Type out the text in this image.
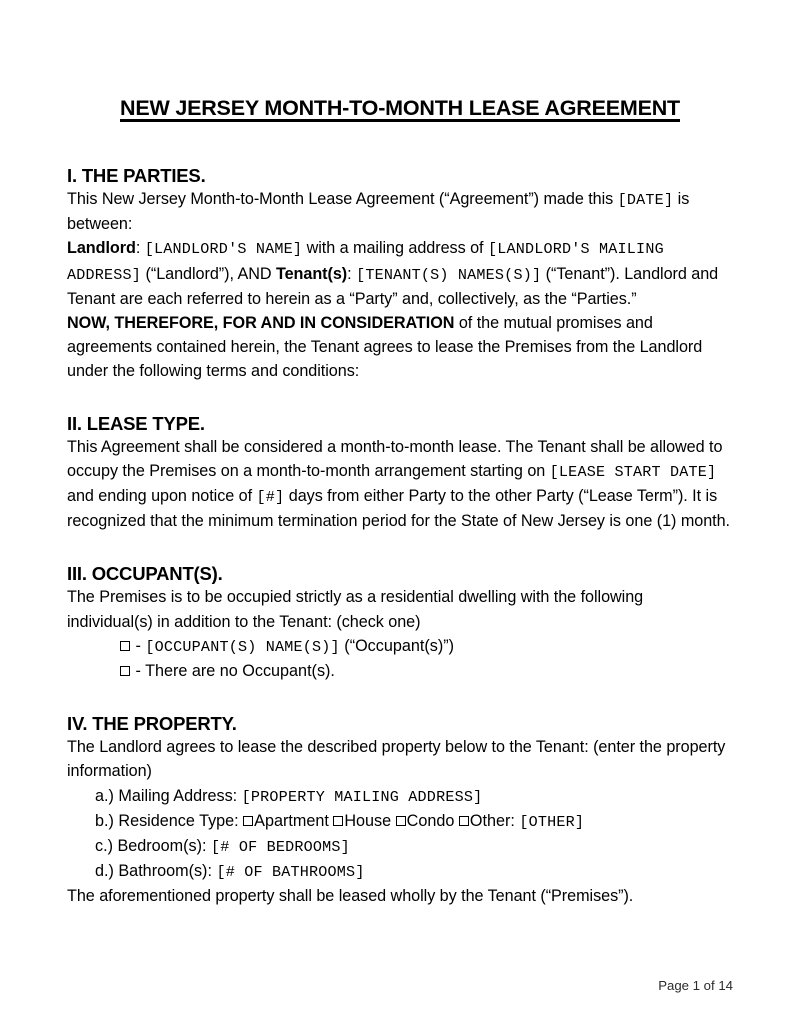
NEW JERSEY MONTH-TO-MONTH LEASE AGREEMENT
I. THE PARTIES.

This New Jersey Month-to-Month Lease Agreement (“Agreement”) made this [DATE] is between:

Landlord: [LANDLORD'S NAME] with a mailing address of [LANDLORD'S MAILING ADDRESS] (“Landlord”), AND Tenant(s): [TENANT(S) NAMES(S)] (“Tenant”). Landlord and Tenant are each referred to herein as a “Party” and, collectively, as the “Parties.”

NOW, THEREFORE, FOR AND IN CONSIDERATION of the mutual promises and agreements contained herein, the Tenant agrees to lease the Premises from the Landlord under the following terms and conditions:

II. LEASE TYPE.

This Agreement shall be considered a month-to-month lease. The Tenant shall be allowed to occupy the Premises on a month-to-month arrangement starting on [LEASE START DATE] and ending upon notice of [#] days from either Party to the other Party (“Lease Term”). It is recognized that the minimum termination period for the State of New Jersey is one (1) month.

III. OCCUPANT(S).

The Premises is to be occupied strictly as a residential dwelling with the following individual(s) in addition to the Tenant: (check one)

- [OCCUPANT(S) NAME(S)] (“Occupant(s)”)
- There are no Occupant(s).
IV. THE PROPERTY.

The Landlord agrees to lease the described property below to the Tenant: (enter the property information)

a.) Mailing Address: [PROPERTY MAILING ADDRESS]
b.) Residence Type: Apartment House Condo Other: [OTHER]
c.) Bedroom(s): [# OF BEDROOMS]
d.) Bathroom(s): [# OF BATHROOMS]

The aforementioned property shall be leased wholly by the Tenant (“Premises”).

Page 1 of 14
